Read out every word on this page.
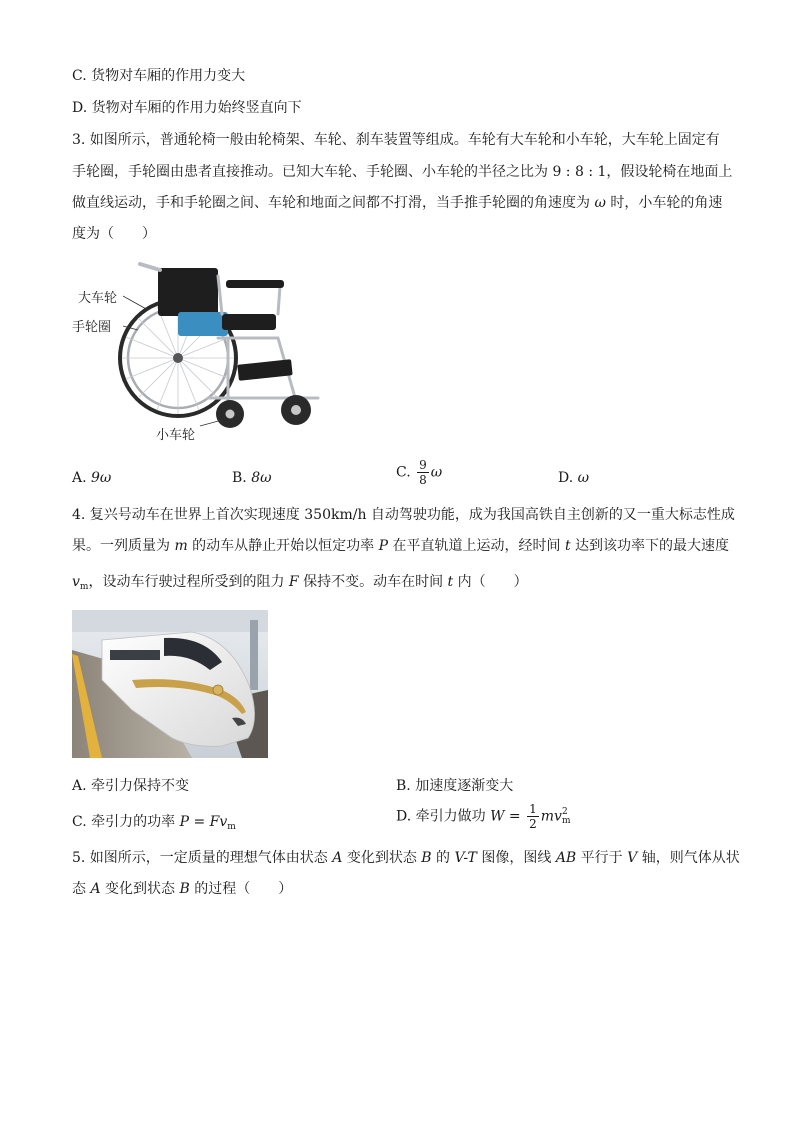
C. 货物对车厢的作用力变大
D. 货物对车厢的作用力始终竖直向下
3. 如图所示，普通轮椅一般由轮椅架、车轮、刹车装置等组成。车轮有大车轮和小车轮，大车轮上固定有
手轮圈，手轮圈由患者直接推动。已知大车轮、手轮圈、小车轮的半径之比为 9 : 8 : 1，假设轮椅在地面上
做直线运动，手和手轮圈之间、车轮和地面之间都不打滑，当手推手轮圈的角速度为 ω 时，小车轮的角速
度为（　　）
大车轮
手轮圈
小车轮
A. 9ω	B. 8ω	C. $\frac{9}{8}$ ω	D. ω
4. 复兴号动车在世界上首次实现速度 350km/h 自动驾驶功能，成为我国高铁自主创新的又一重大标志性成
果。一列质量为 m 的动车从静止开始以恒定功率 P 在平直轨道上运动，经时间 t 达到该功率下的最大速度
$v_m$，设动车行驶过程所受到的阻力 F 保持不变。动车在时间 t 内（　　）
A. 牵引力保持不变	B. 加速度逐渐变大
C. 牵引力的功率 $P = Fv_m$
D. 牵引力做功 $W = \frac{1}{2}$ mv 2
m
5. 如图所示，一定质量的理想气体由状态 A 变化到状态 B 的 V-T 图像，图线 AB 平行于 V 轴，则气体从状
态 A 变化到状态 B 的过程（　　）
